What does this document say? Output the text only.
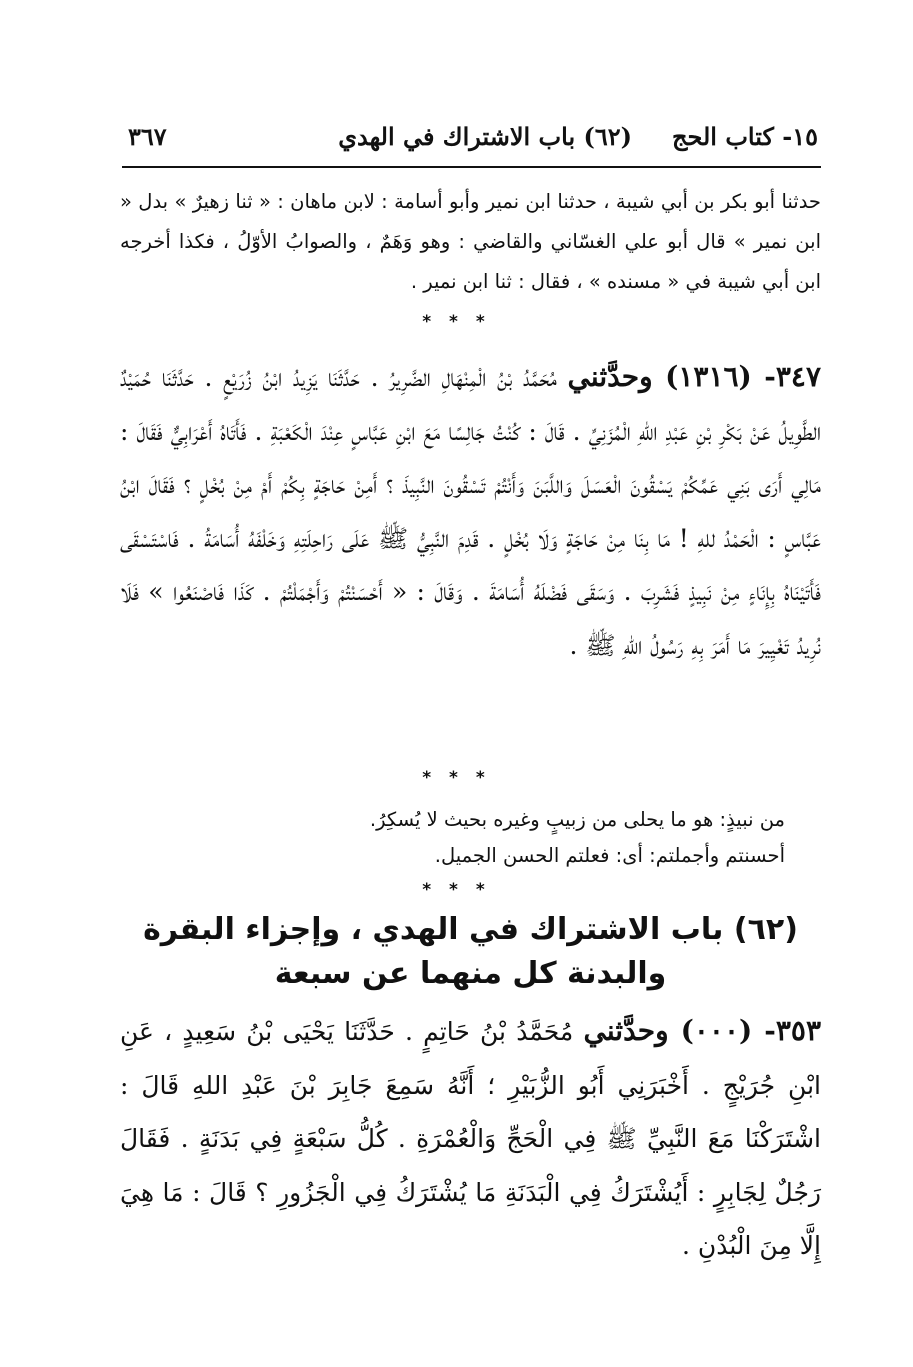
١٥- كتاب الحج
(٦٢) باب الاشتراك في الهدي
٣٦٧
حدثنا أبو بكر بن أبي شيبة ، حدثنا ابن نمير وأبو أسامة : لابن ماهان : « ثنا زهيرٌ » بدل « ابن نمير » قال أبو علي الغسّاني والقاضي : وهو وَهَمٌ ، والصوابُ الأوّلُ ، فكذا أخرجه ابن أبي شيبة في « مسنده » ، فقال : ثنا ابن نمير .
* * *
٣٤٧- (١٣١٦) وحدَّثني مُحَمَّدُ بْنُ الْمِنْهَالِ الضَّرِيرُ . حَدَّثَنَا يَزِيدُ ابْنُ زُرَيْعٍ . حَدَّثَنَا حُمَيْدٌ الطَّوِيلُ عَنْ بَكْرِ بْنِ عَبْدِ اللهِ الْمُزَنِيِّ . قَالَ : كُنْتُ جَالِسًا مَعَ ابْنِ عَبَّاسٍ عِنْدَ الْكَعْبَةِ . فَأَتَاهُ أَعْرَابِيٌّ فَقَالَ : مَالِي أَرَى بَنِي عَمِّكُمْ يَسْقُونَ الْعَسَلَ وَاللَّبَنَ وَأَنْتُمْ تَسْقُونَ النَّبِيذَ ؟ أَمِنْ حَاجَةٍ بِكُمْ أَمْ مِنْ بُخْلٍ ؟ فَقَالَ ابْنُ عَبَّاسٍ : الْحَمْدُ للهِ ! مَا بِنَا مِنْ حَاجَةٍ وَلَا بُخْلٍ . قَدِمَ النَّبِيُّ ﷺ عَلَى رَاحِلَتِهِ وَخَلْفَهُ أُسَامَةُ . فَاسْتَسْقَى فَأَتَيْنَاهُ بِإِنَاءٍ مِنْ نَبِيذٍ فَشَرِبَ . وَسَقَى فَضْلَهُ أُسَامَةَ . وَقَالَ : « أَحْسَنْتُمْ وَأَجْمَلْتُمْ . كَذَا فَاصْنَعُوا » فَلَا نُرِيدُ تَغْيِيرَ مَا أَمَرَ بِهِ رَسُولُ اللهِ ﷺ .
* * *
من نبيذٍ: هو ما يحلى من زبيبٍ وغيره بحيث لا يُسكِرُ.
أحسنتم وأجملتم: أى: فعلتم الحسن الجميل.
* * *
(٦٢) باب الاشتراك في الهدي ، وإجزاء البقرة
والبدنة كل منهما عن سبعة
٣٥٣- (٠٠٠) وحدَّثني مُحَمَّدُ بْنُ حَاتِمٍ . حَدَّثَنَا يَحْيَى بْنُ سَعِيدٍ ، عَنِ ابْنِ جُرَيْجٍ . أَخْبَرَنِي أَبُو الزُّبَيْرِ ؛ أَنَّهُ سَمِعَ جَابِرَ بْنَ عَبْدِ اللهِ قَالَ : اشْتَرَكْنَا مَعَ النَّبِيِّ ﷺ فِي الْحَجِّ وَالْعُمْرَةِ . كُلُّ سَبْعَةٍ فِي بَدَنَةٍ . فَقَالَ رَجُلٌ لِجَابِرٍ : أَيُشْتَرَكُ فِي الْبَدَنَةِ مَا يُشْتَرَكُ فِي الْجَزُورِ ؟ قَالَ : مَا هِيَ إِلَّا مِنَ الْبُدْنِ .
